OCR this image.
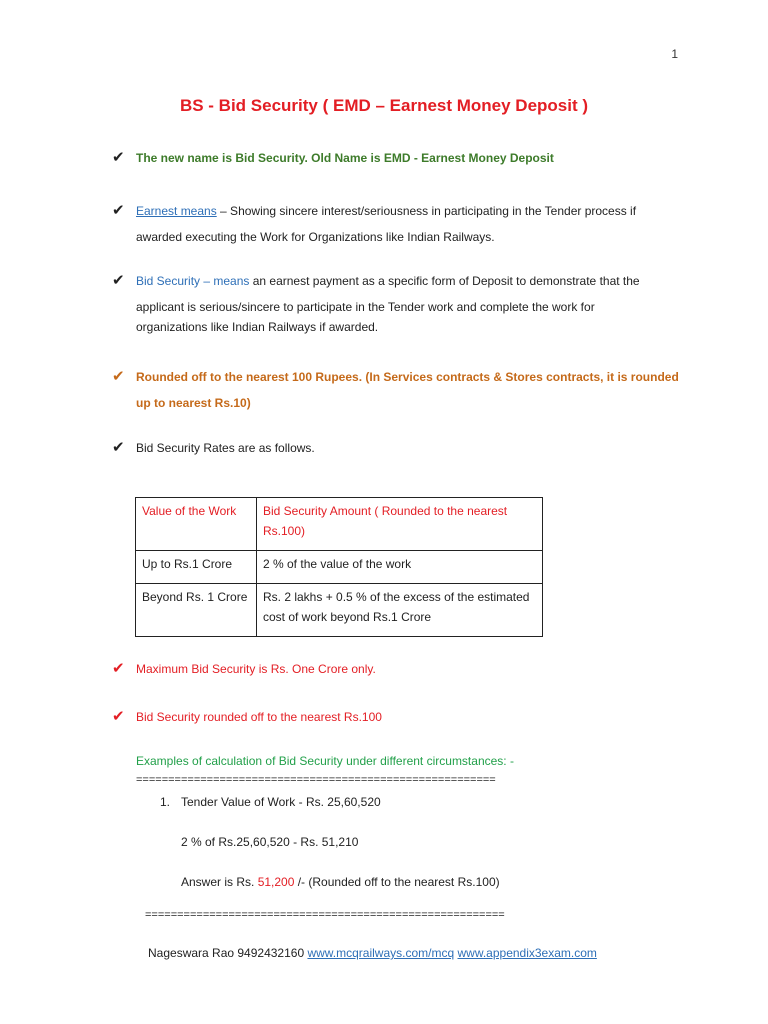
1
BS - Bid Security ( EMD – Earnest Money Deposit )
✔ The new name is Bid Security. Old Name is EMD - Earnest Money Deposit
✔ Earnest means – Showing sincere interest/seriousness in participating in the Tender process if
awarded executing the Work for Organizations like Indian Railways.
✔ Bid Security – means an earnest payment as a specific form of Deposit to demonstrate that the
applicant is serious/sincere to participate in the Tender work and complete the work for
organizations like Indian Railways if awarded.
✔ Rounded off to the nearest 100 Rupees. (In Services contracts & Stores contracts, it is rounded
up to nearest Rs.10)
✔ Bid Security Rates are as follows.
Value of the Work	Bid Security Amount ( Rounded to the nearest
Rs.100)
Up to Rs.1 Crore	2 % of the value of the work
Beyond Rs. 1 Crore	Rs. 2 lakhs + 0.5 % of the excess of the estimated
cost of work beyond Rs.1 Crore
✔ Maximum Bid Security is Rs. One Crore only.
✔ Bid Security rounded off to the nearest Rs.100
Examples of calculation of Bid Security under different circumstances: -
========================================================
1. Tender Value of Work - Rs. 25,60,520
2 % of Rs.25,60,520 - Rs. 51,210
Answer is Rs. 51,200 /- (Rounded off to the nearest Rs.100)
========================================================
Nageswara Rao 9492432160 www.mcqrailways.com/mcq www.appendix3exam.com
